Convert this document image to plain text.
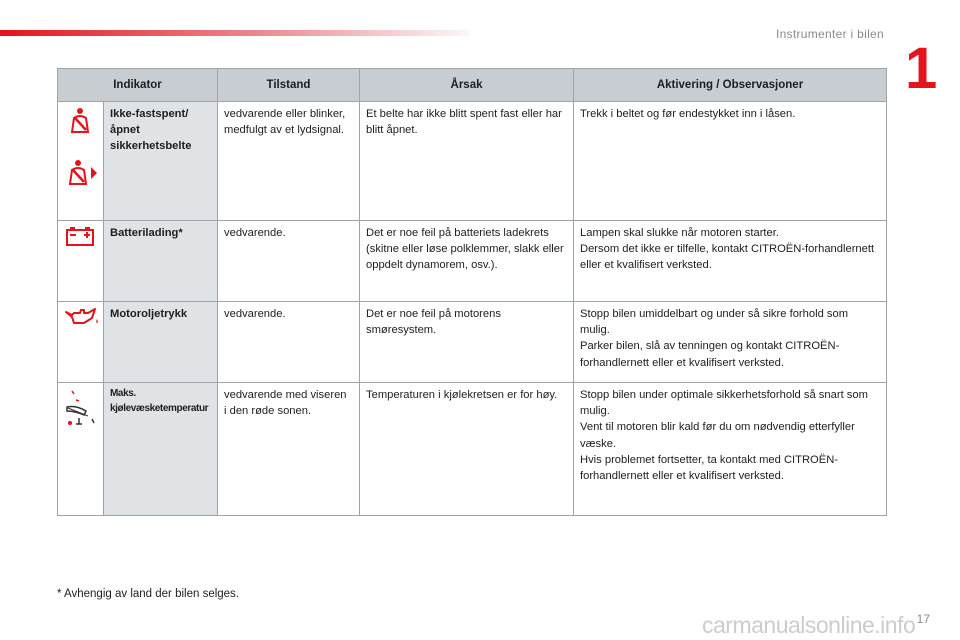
Instrumenter i bilen
1
Indikator		Tilstand	Årsak	Aktivering / Observasjoner

	Ikke-fastspent/ åpnet sikkerhetsbelte	vedvarende eller blinker, medfulgt av et lydsignal.	Et belte har ikke blitt spent fast eller har blitt åpnet.	Trekk i beltet og før endestykket inn i låsen.

	Batterilading*	vedvarende.	Det er noe feil på batteriets ladekrets (skitne eller løse polklemmer, slakk eller oppdelt dynamorem, osv.).	Lampen skal slukke når motoren starter.
Dersom det ikke er tilfelle, kontakt CITROËN-forhandlernett eller et kvalifisert verksted.

	Motoroljetrykk	vedvarende.	Det er noe feil på motorens smøresystem.	Stopp bilen umiddelbart og under så sikre forhold som mulig.
Parker bilen, slå av tenningen og kontakt CITROËN-forhandlernett eller et kvalifisert verksted.

	Maks. kjølevæsketemperatur	vedvarende med viseren i den røde sonen.	Temperaturen i kjølekretsen er for høy.	Stopp bilen under optimale sikkerhetsforhold så snart som mulig.
Vent til motoren blir kald før du om nødvendig etterfyller væske.
Hvis problemet fortsetter, ta kontakt med CITROËN-forhandlernett eller et kvalifisert verksted.
* Avhengig av land der bilen selges.
carmanualsonline.info 17
